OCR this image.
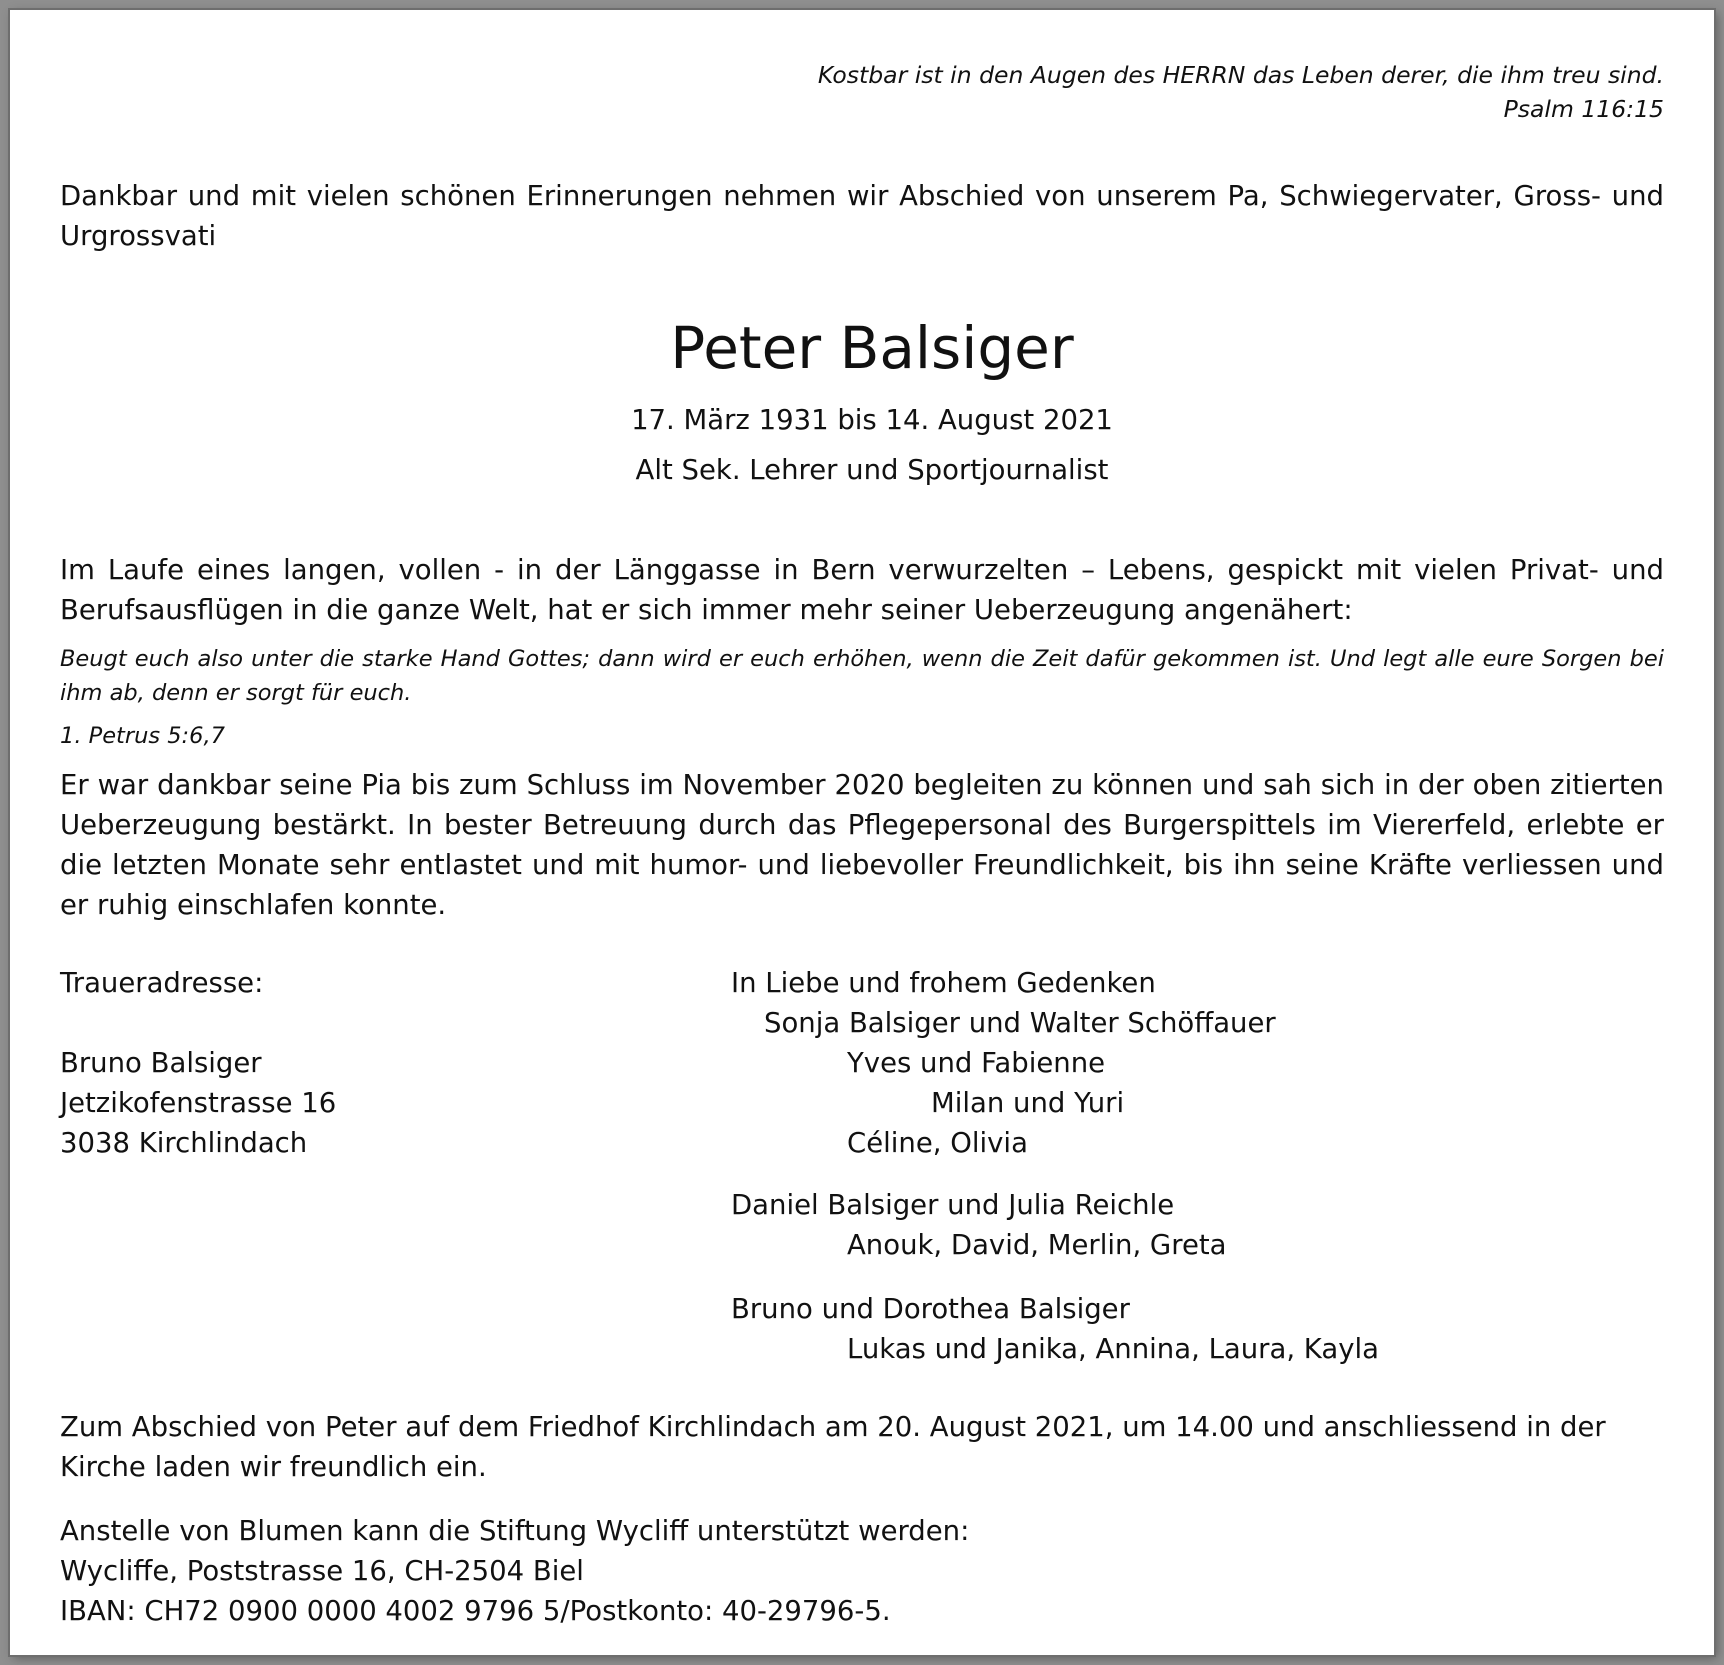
Kostbar ist in den Augen des HERRN das Leben derer, die ihm treu sind.
Psalm 116:15
Dankbar und mit vielen schönen Erinnerungen nehmen wir Abschied von unserem Pa, Schwiegervater, Gross- und Urgrossvati
Peter Balsiger
17. März 1931 bis 14. August 2021
Alt Sek. Lehrer und Sportjournalist
Im Laufe eines langen, vollen - in der Länggasse in Bern verwurzelten – Lebens, gespickt mit vielen Privat- und Berufsausflügen in die ganze Welt, hat er sich immer mehr seiner Ueberzeugung angenähert:
Beugt euch also unter die starke Hand Gottes; dann wird er euch erhöhen, wenn die Zeit dafür gekommen ist. Und legt alle eure Sorgen bei ihm ab, denn er sorgt für euch.
1. Petrus 5:6,7
Er war dankbar seine Pia bis zum Schluss im November 2020 begleiten zu können und sah sich in der oben zitierten Ueberzeugung bestärkt. In bester Betreuung durch das Pflegepersonal des Burgerspittels im Viererfeld, erlebte er die letzten Monate sehr entlastet und mit humor- und liebevoller Freundlichkeit, bis ihn seine Kräfte verliessen und er ruhig einschlafen konnte.
Traueradresse:
Bruno Balsiger
Jetzikofenstrasse 16
3038 Kirchlindach
In Liebe und frohem Gedenken
Sonja Balsiger und Walter Schöffauer
Yves und Fabienne
Milan und Yuri
Céline, Olivia
Daniel Balsiger und Julia Reichle
Anouk, David, Merlin, Greta
Bruno und Dorothea Balsiger
Lukas und Janika, Annina, Laura, Kayla
Zum Abschied von Peter auf dem Friedhof Kirchlindach am 20. August 2021, um 14.00 und anschliessend in der Kirche laden wir freundlich ein.
Anstelle von Blumen kann die Stiftung Wycliff unterstützt werden:
Wycliffe, Poststrasse 16, CH-2504 Biel
IBAN: CH72 0900 0000 4002 9796 5/Postkonto: 40-29796-5.
